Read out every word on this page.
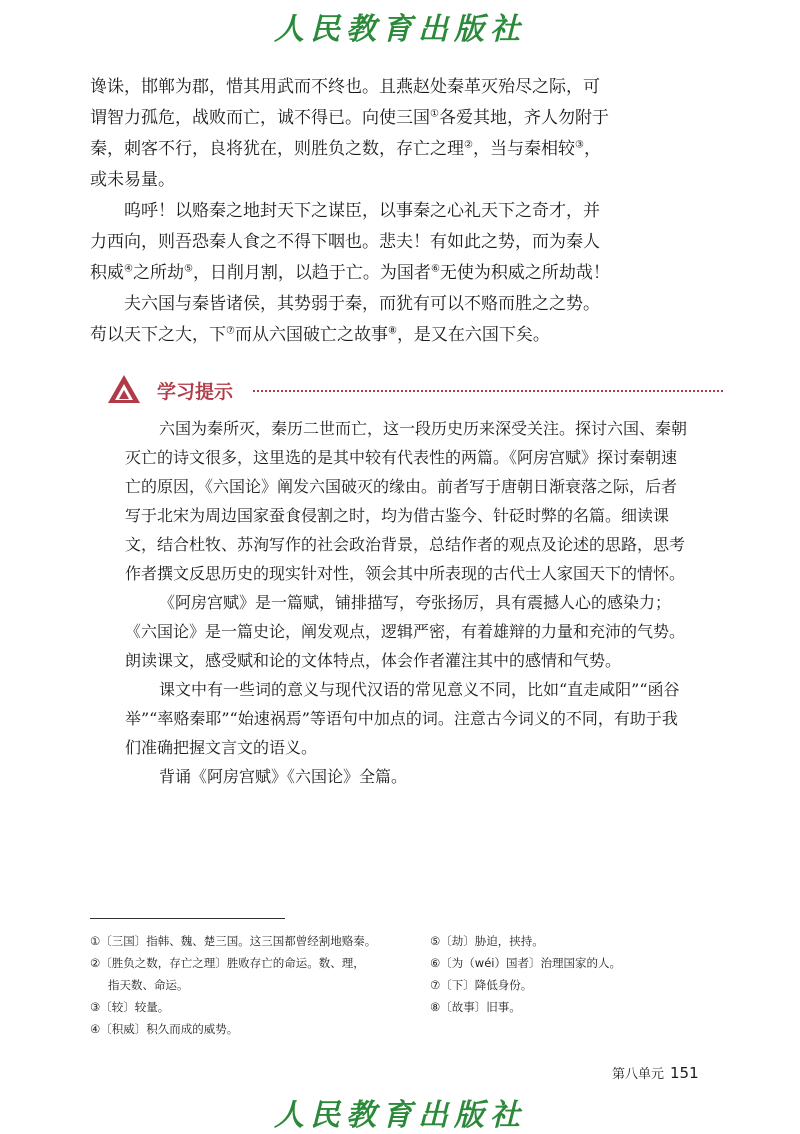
人民教育出版社

谗诛，邯郸为郡，惜其用武而不终也。且燕赵处秦革灭殆尽之际，可谓智力孤危，战败而亡，诚不得已。向使三国①各爱其地，齐人勿附于秦，刺客不行，良将犹在，则胜负之数，存亡之理②，当与秦相较③，或未易量。

呜呼！以赂秦之地封天下之谋臣，以事秦之心礼天下之奇才，并力西向，则吾恐秦人食之不得下咽也。悲夫！有如此之势，而为秦人积威④之所劫⑤，日削月割，以趋于亡。为国者⑥无使为积威之所劫哉！

夫六国与秦皆诸侯，其势弱于秦，而犹有可以不赂而胜之之势。苟以天下之大，下⑦而从六国破亡之故事⑧，是又在六国下矣。

学习提示

六国为秦所灭，秦历二世而亡，这一段历史历来深受关注。探讨六国、秦朝灭亡的诗文很多，这里选的是其中较有代表性的两篇。《阿房宫赋》探讨秦朝速亡的原因，《六国论》阐发六国破灭的缘由。前者写于唐朝日渐衰落之际，后者写于北宋为周边国家蚕食侵割之时，均为借古鉴今、针砭时弊的名篇。细读课文，结合杜牧、苏洵写作的社会政治背景，总结作者的观点及论述的思路，思考作者撰文反思历史的现实针对性，领会其中所表现的古代士人家国天下的情怀。

《阿房宫赋》是一篇赋，铺排描写，夸张扬厉，具有震撼人心的感染力；《六国论》是一篇史论，阐发观点，逻辑严密，有着雄辩的力量和充沛的气势。朗读课文，感受赋和论的文体特点，体会作者灌注其中的感情和气势。

课文中有一些词的意义与现代汉语的常见意义不同，比如“直走咸阳”“函谷举”“率赂秦耶”“始速祸焉”等语句中加点的词。注意古今词义的不同，有助于我们准确把握文言文的语义。

背诵《阿房宫赋》《六国论》全篇。

①〔三国〕指韩、魏、楚三国。这三国都曾经割地赂秦。
②〔胜负之数，存亡之理〕胜败存亡的命运。数、理，
指天数、命运。
③〔较〕较量。
④〔积威〕积久而成的威势。
⑤〔劫〕胁迫，挟持。
⑥〔为（wéi）国者〕治理国家的人。
⑦〔下〕降低身份。
⑧〔故事〕旧事。
第八单元 151
人民教育出版社
